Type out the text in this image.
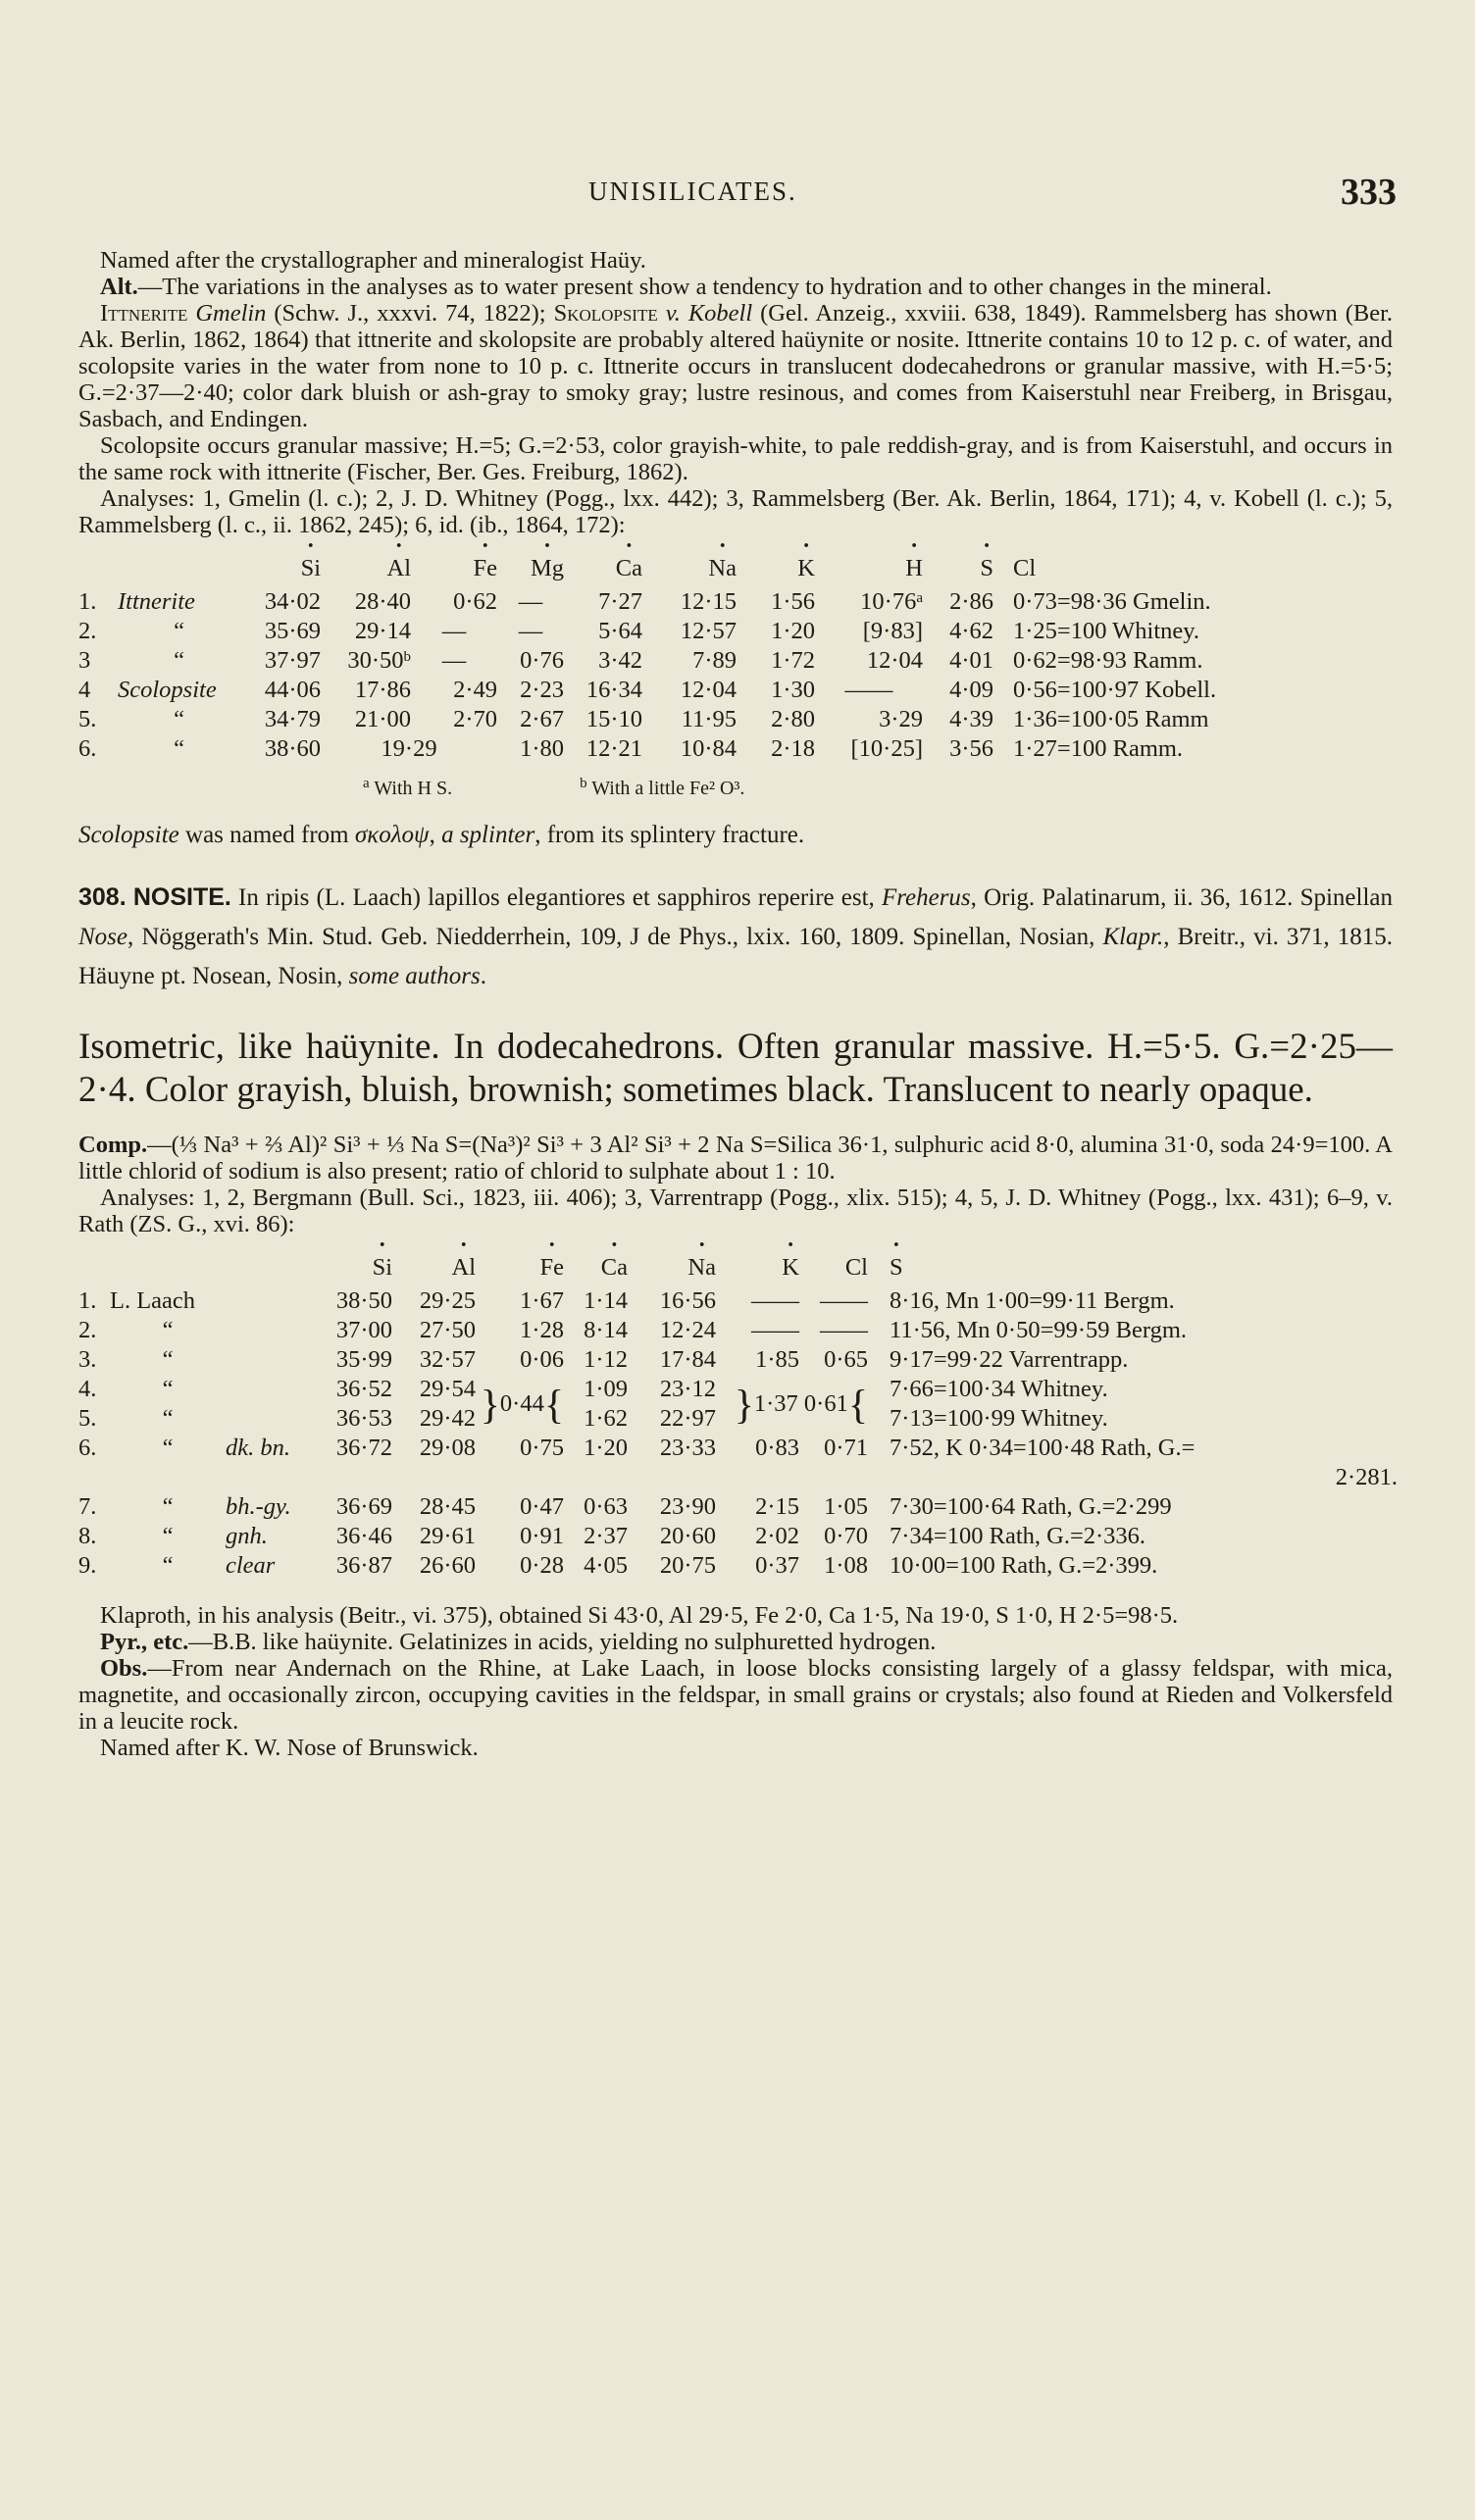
UNISILICATES.	333

Named after the crystallographer and mineralogist Haüy.

Alt.—The variations in the analyses as to water present show a tendency to hydration and to other changes in the mineral.

Ittnerite Gmelin (Schw. J., xxxvi. 74, 1822); Skolopsite v. Kobell (Gel. Anzeig., xxviii. 638, 1849). Rammelsberg has shown (Ber. Ak. Berlin, 1862, 1864) that ittnerite and skolopsite are probably altered haüynite or nosite. Ittnerite contains 10 to 12 p. c. of water, and scolopsite varies in the water from none to 10 p. c. Ittnerite occurs in translucent dodecahedrons or granular massive, with H.=5·5; G.=2·37—2·40; color dark bluish or ash-gray to smoky gray; lustre resinous, and comes from Kaiserstuhl near Freiberg, in Brisgau, Sasbach, and Endingen.

Scolopsite occurs granular massive; H.=5; G.=2·53, color grayish-white, to pale reddish-gray, and is from Kaiserstuhl, and occurs in the same rock with ittnerite (Fischer, Ber. Ges. Freiburg, 1862).

Analyses: 1, Gmelin (l. c.); 2, J. D. Whitney (Pogg., lxx. 442); 3, Rammelsberg (Ber. Ak. Berlin, 1864, 171); 4, v. Kobell (l. c.); 5, Rammelsberg (l. c., ii. 1862, 245); 6, id. (ib., 1864, 172):

		Si ·	Al ·	Fe ·	Mg ·	Ca ·	Na ·	K ·	H ·	S ·	Cl
1.	Ittnerite	34·02	28·40	0·62	—	7·27	12·15	1·56	$10\cdot 76^a$	2·86	0·73=98·36 Gmelin.
2.	“	35·69	29·14	—	—	5·64	12·57	1·20	[9·83]	4·62	1·25=100 Whitney.
3	“	37·97	$30\cdot 50^b$	—	0·76	3·42	7·89	1·72	12·04	4·01	0·62=98·93 Ramm.
4	Scolopsite	44·06	17·86	2·49	2·23	16·34	12·04	1·30	——	4·09	0·56=100·97 Kobell.
5.	“	34·79	21·00	2·70	2·67	15·10	11·95	2·80	3·29	4·39	1·36=100·05 Ramm
6.	“	38·60	19·29		1·80	12·21	10·84	2·18	[10·25]	3·56	1·27=100 Ramm.
$^a$ With H S.	$^b$ With a little Fe² O³.

Scolopsite was named from σκολοψ, a splinter, from its splintery fracture.

308. NOSITE. In ripis (L. Laach) lapillos elegantiores et sapphiros reperire est, Freherus, Orig. Palatinarum, ii. 36, 1612. Spinellan Nose, Nöggerath's Min. Stud. Geb. Niedderrhein, 109, J de Phys., lxix. 160, 1809. Spinellan, Nosian, Klapr., Breitr., vi. 371, 1815. Häuyne pt. Nosean, Nosin, some authors.

Isometric, like haüynite. In dodecahedrons. Often granular massive. H.=5·5. G.=2·25—2·4. Color grayish, bluish, brownish; sometimes black. Translucent to nearly opaque.

Comp.—(⅓ Na³ + ⅔ Al)² Si³ + ⅓ Na S=(Na³)² Si³ + 3 Al² Si³ + 2 Na S=Silica 36·1, sulphuric acid 8·0, alumina 31·0, soda 24·9=100. A little chlorid of sodium is also present; ratio of chlorid to sulphate about 1 : 10.

Analyses: 1, 2, Bergmann (Bull. Sci., 1823, iii. 406); 3, Varrentrapp (Pogg., xlix. 515); 4, 5, J. D. Whitney (Pogg., lxx. 431); 6–9, v. Rath (ZS. G., xvi. 86):

			Si ·	Al ·	Fe ·	Ca ·	Na ·	K ·	Cl	S ·
1.	L. Laach		38·50	29·25	1·67	1·14	16·56	——	——	8·16, Mn 1·00=99·11 Bergm.
2.	“		37·00	27·50	1·28	8·14	12·24	——	——	11·56, Mn 0·50=99·59 Bergm.
3.	“		35·99	32·57	0·06	1·12	17·84	1·85	0·65	9·17=99·22 Varrentrapp.
4.	“		36·52	29·54	}0·44{	1·09	23·12	}1·37 0·61{		7·66=100·34 Whitney.
5.	“		36·53	29·42		1·62	22·97			7·13=100·99 Whitney.
6.	“	dk. bn.	36·72	29·08	0·75	1·20	23·33	0·83	0·71	7·52, K 0·34=100·48 Rath, G.=
										2·281.
7.	“	bh.-gy.	36·69	28·45	0·47	0·63	23·90	2·15	1·05	7·30=100·64 Rath, G.=2·299
8.	“	gnh.	36·46	29·61	0·91	2·37	20·60	2·02	0·70	7·34=100 Rath, G.=2·336.
9.	“	clear	36·87	26·60	0·28	4·05	20·75	0·37	1·08	10·00=100 Rath, G.=2·399.

Klaproth, in his analysis (Beitr., vi. 375), obtained Si 43·0, Al 29·5, Fe 2·0, Ca 1·5, Na 19·0, S 1·0, H 2·5=98·5.

Pyr., etc.—B.B. like haüynite. Gelatinizes in acids, yielding no sulphuretted hydrogen.

Obs.—From near Andernach on the Rhine, at Lake Laach, in loose blocks consisting largely of a glassy feldspar, with mica, magnetite, and occasionally zircon, occupying cavities in the feldspar, in small grains or crystals; also found at Rieden and Volkersfeld in a leucite rock.

Named after K. W. Nose of Brunswick.
